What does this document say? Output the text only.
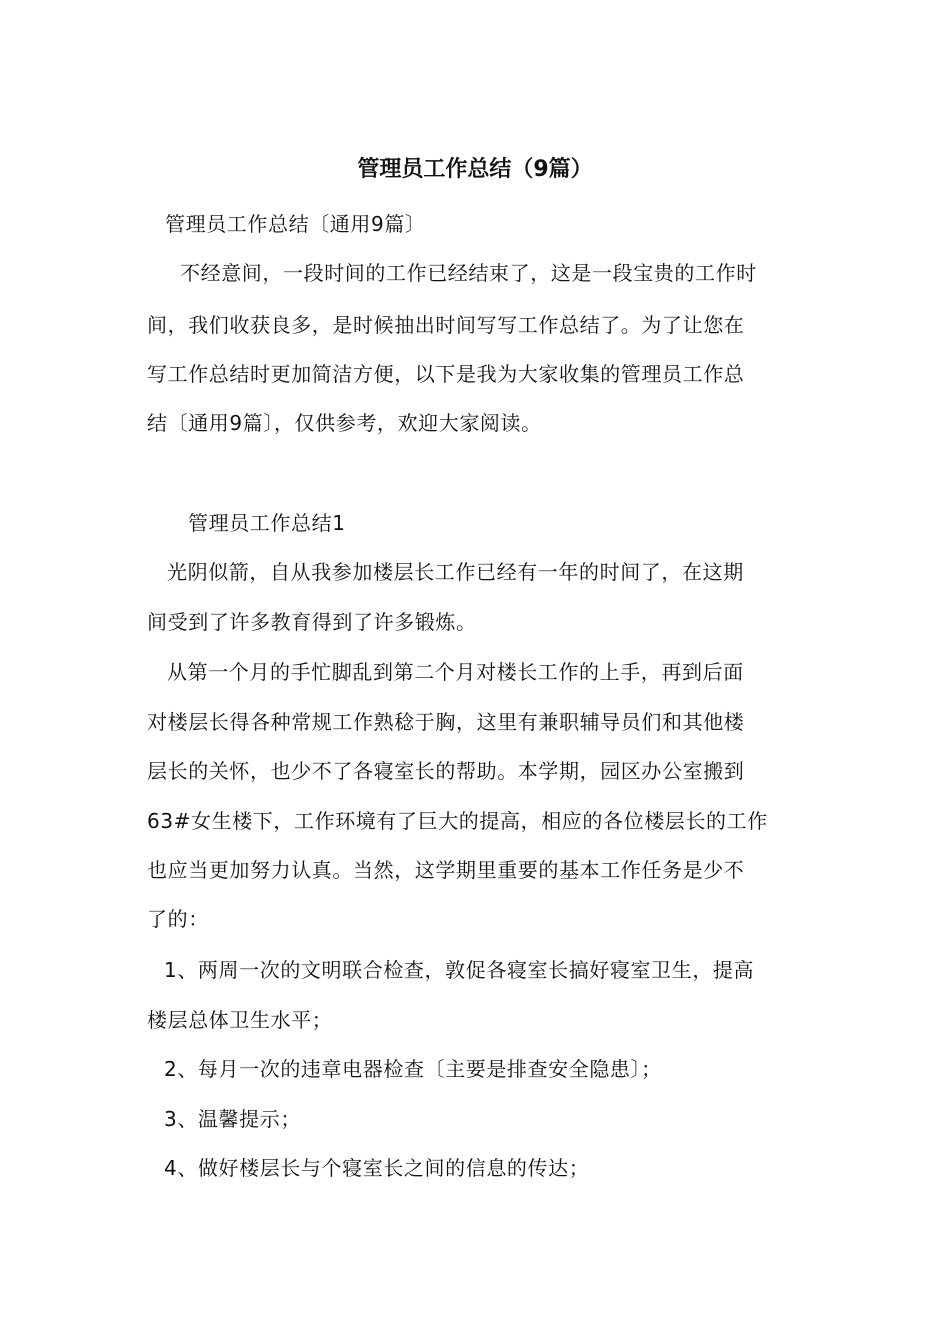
管理员工作总结（9篇）
管理员工作总结〔通用9篇〕
不经意间，一段时间的工作已经结束了，这是一段宝贵的工作时
间，我们收获良多，是时候抽出时间写写工作总结了。为了让您在
写工作总结时更加简洁方便，以下是我为大家收集的管理员工作总
结〔通用9篇〕，仅供参考，欢迎大家阅读。
管理员工作总结1
光阴似箭，自从我参加楼层长工作已经有一年的时间了，在这期
间受到了许多教育得到了许多锻炼。
从第一个月的手忙脚乱到第二个月对楼长工作的上手，再到后面
对楼层长得各种常规工作熟稔于胸，这里有兼职辅导员们和其他楼
层长的关怀，也少不了各寝室长的帮助。本学期，园区办公室搬到
63#女生楼下，工作环境有了巨大的提高，相应的各位楼层长的工作
也应当更加努力认真。当然，这学期里重要的基本工作任务是少不
了的：
1、两周一次的文明联合检查，敦促各寝室长搞好寝室卫生，提高
楼层总体卫生水平；
2、每月一次的违章电器检查〔主要是排查安全隐患〕；
3、温馨提示；
4、做好楼层长与个寝室长之间的信息的传达；
